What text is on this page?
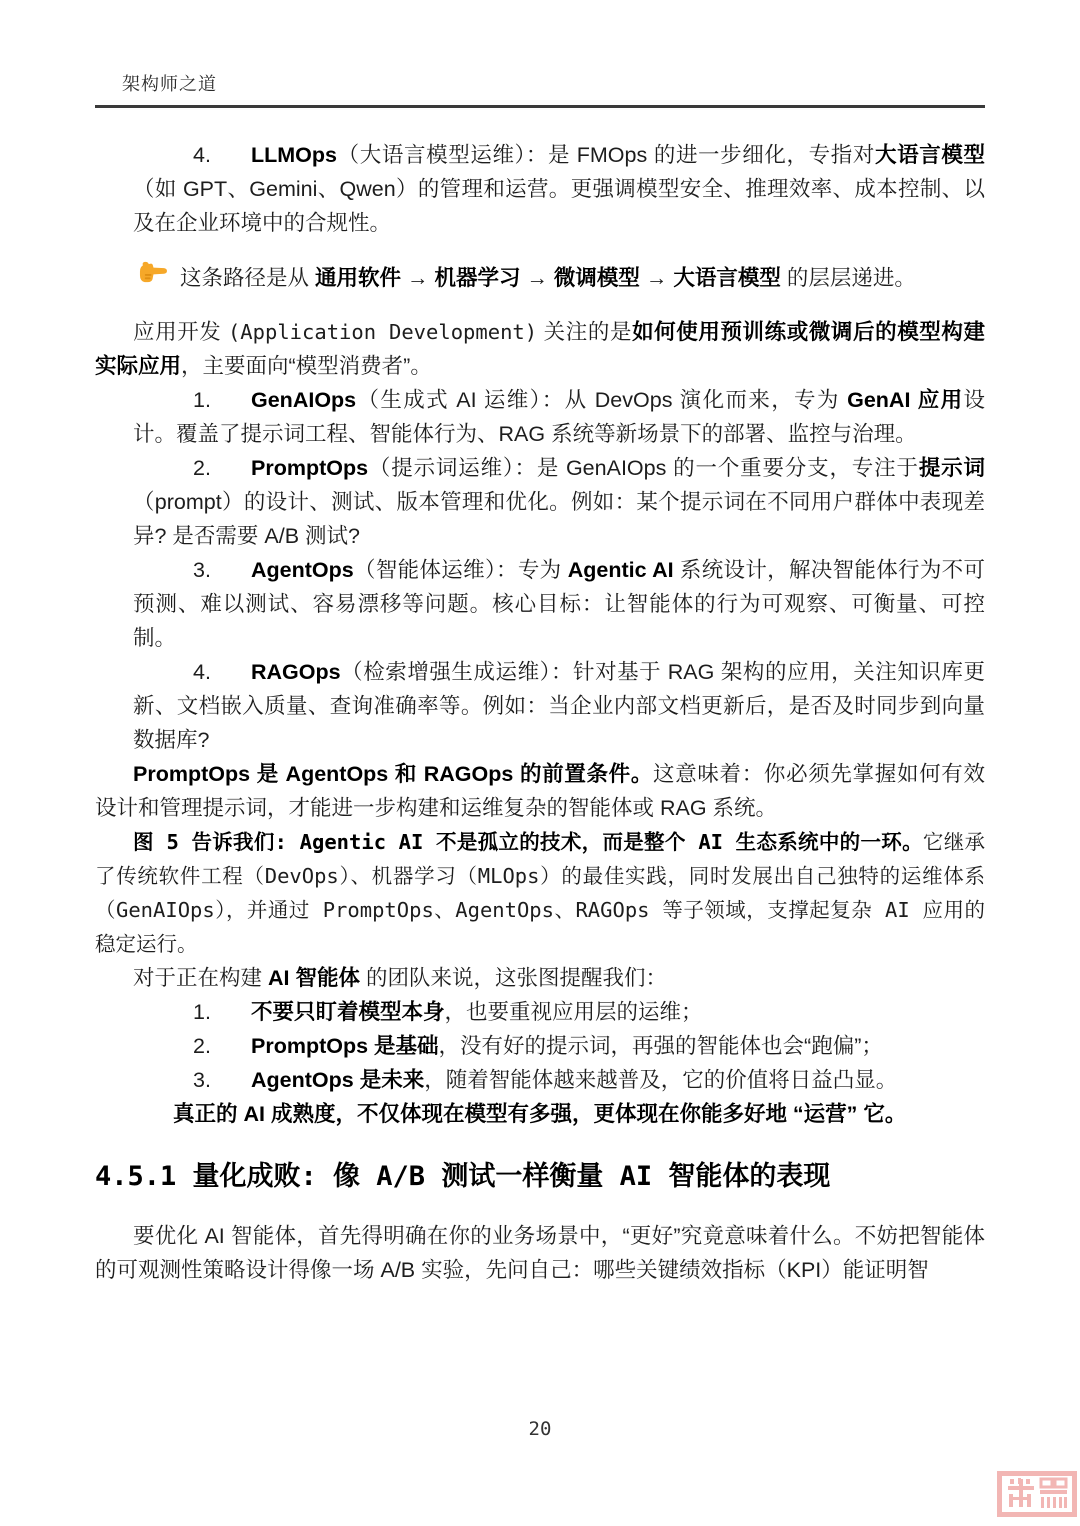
架构师之道

4. LLMOps（大语言模型运维）：是 FMOps 的进一步细化，专指对大语言模型（如 GPT、Gemini、Qwen）的管理和运营。更强调模型安全、推理效率、成本控制、以及在企业环境中的合规性。

这条路径是从 通用软件 → 机器学习 → 微调模型 → 大语言模型 的层层递进。

应用开发 (Application Development) 关注的是如何使用预训练或微调后的模型构建实际应用，主要面向“模型消费者”。

1. GenAIOps（生成式 AI 运维）：从 DevOps 演化而来，专为 GenAI 应用设计。覆盖了提示词工程、智能体行为、RAG 系统等新场景下的部署、监控与治理。

2. PromptOps（提示词运维）：是 GenAIOps 的一个重要分支，专注于提示词（prompt）的设计、测试、版本管理和优化。例如：某个提示词在不同用户群体中表现差异? 是否需要 A/B 测试?

3. AgentOps（智能体运维）：专为 Agentic AI 系统设计，解决智能体行为不可预测、难以测试、容易漂移等问题。核心目标：让智能体的行为可观察、可衡量、可控制。

4. RAGOps（检索增强生成运维）：针对基于 RAG 架构的应用，关注知识库更新、文档嵌入质量、查询准确率等。例如：当企业内部文档更新后，是否及时同步到向量数据库?

PromptOps 是 AgentOps 和 RAGOps 的前置条件。这意味着：你必须先掌握如何有效设计和管理提示词，才能进一步构建和运维复杂的智能体或 RAG 系统。

图 5 告诉我们: Agentic AI 不是孤立的技术，而是整个 AI 生态系统中的一环。它继承了传统软件工程（DevOps）、机器学习（MLOps）的最佳实践，同时发展出自己独特的运维体系（GenAIOps），并通过 PromptOps、AgentOps、RAGOps 等子领域，支撑起复杂 AI 应用的稳定运行。

对于正在构建 AI 智能体 的团队来说，这张图提醒我们：

1. 不要只盯着模型本身，也要重视应用层的运维；

2. PromptOps 是基础，没有好的提示词，再强的智能体也会“跑偏”；

3. AgentOps 是未来，随着智能体越来越普及，它的价值将日益凸显。

真正的 AI 成熟度，不仅体现在模型有多强，更体现在你能多好地 “运营” 它。

4.5.1 量化成败: 像 A/B 测试一样衡量 AI 智能体的表现

要优化 AI 智能体，首先得明确在你的业务场景中，“更好”究竟意味着什么。不妨把智能体的可观测性策略设计得像一场 A/B 实验，先问自己：哪些关键绩效指标（KPI）能证明智

20
